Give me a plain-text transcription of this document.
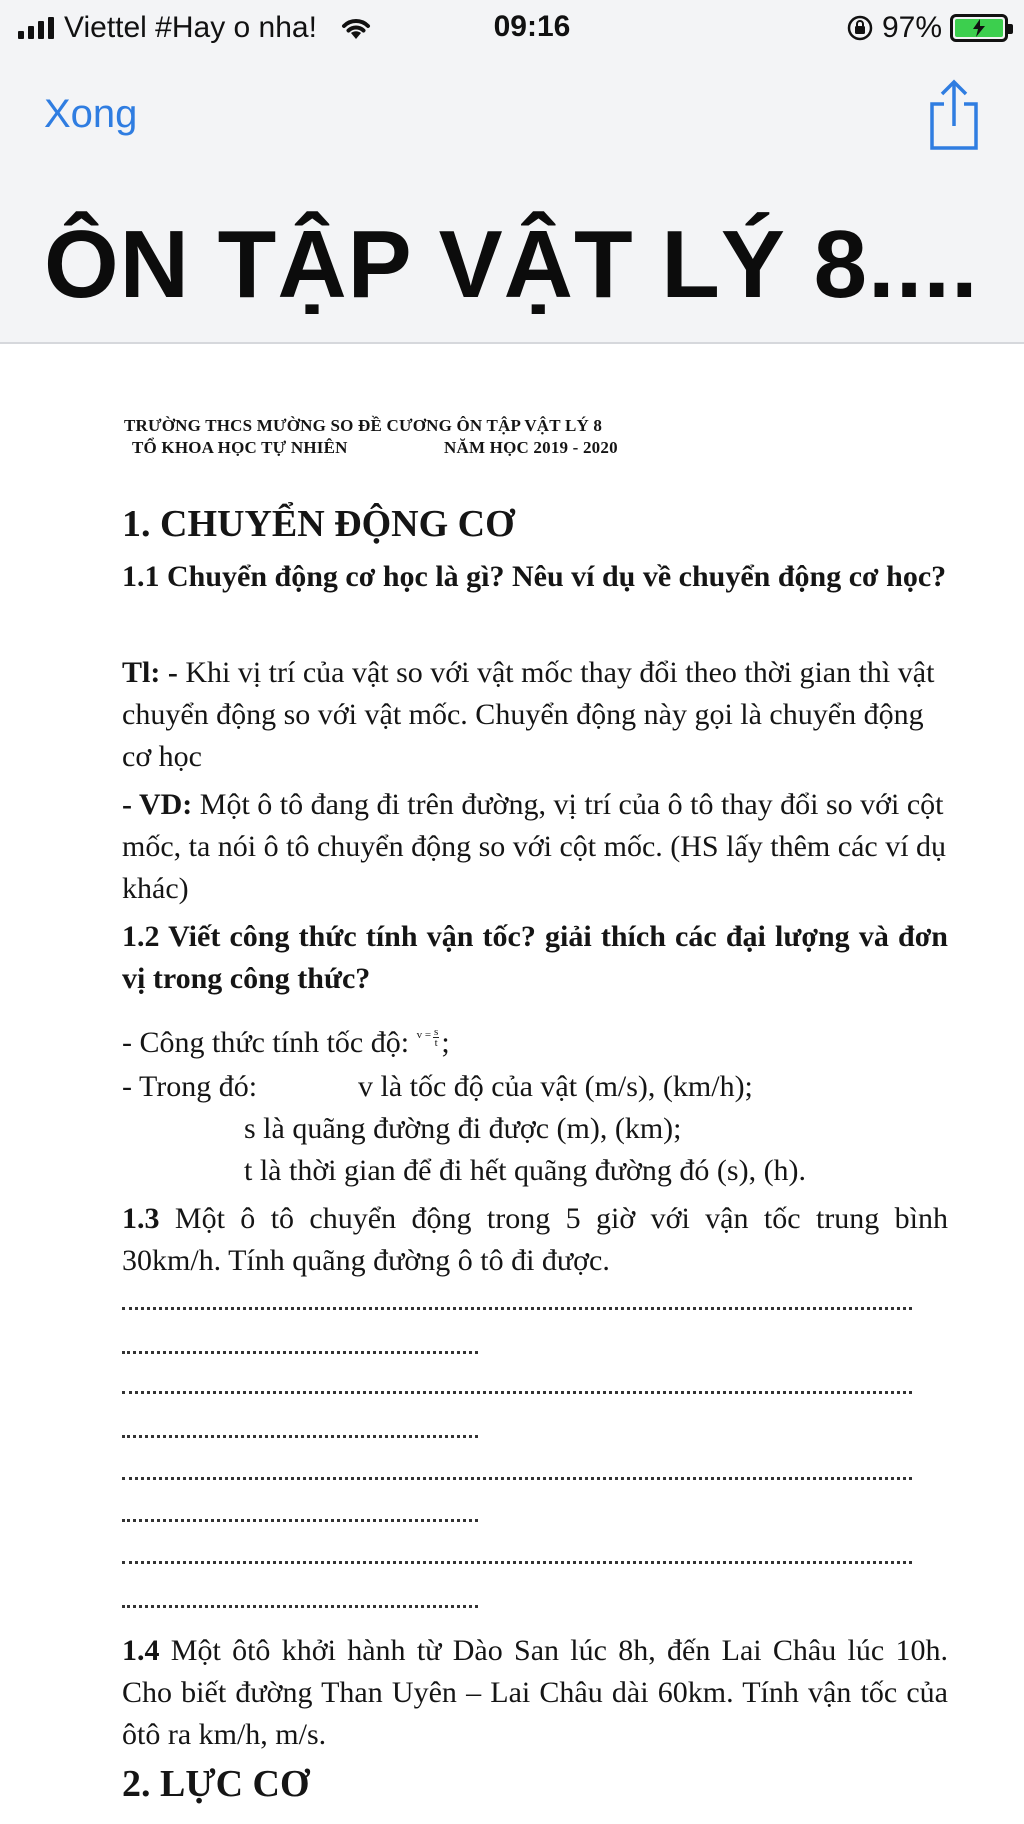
Viettel #Hay o nha!	09:16	97%
Xong
ÔN TẬP VẬT LÝ 8....
TRƯỜNG THCS MƯỜNG SO ĐỀ CƯƠNG ÔN TẬP VẬT LÝ 8
TỔ KHOA HỌC TỰ NHIÊN	NĂM HỌC 2019 - 2020
1. CHUYỂN ĐỘNG CƠ
1.1 Chuyển động cơ học là gì? Nêu ví dụ về chuyển động cơ học?
Tl: - Khi vị trí của vật so với vật mốc thay đổi theo thời gian thì vật chuyển động so với vật mốc. Chuyển động này gọi là chuyển động cơ học
- VD: Một ô tô đang đi trên đường, vị trí của ô tô thay đổi so với cột mốc, ta nói ô tô chuyển động so với cột mốc. (HS lấy thêm các ví dụ khác)
1.2 Viết công thức tính vận tốc? giải thích các đại lượng và đơn vị trong công thức?
- Công thức tính tốc độ: $^{v =} \frac{s}{t}$ ;
- Trong đó:	v là tốc độ của vật (m/s), (km/h);
s là quãng đường đi được (m), (km);
t là thời gian để đi hết quãng đường đó (s), (h).
1.3 Một ô tô chuyển động trong 5 giờ với vận tốc trung bình 30km/h. Tính quãng đường ô tô đi được.
1.4 Một ôtô khởi hành từ Dào San lúc 8h, đến Lai Châu lúc 10h. Cho biết đường Than Uyên – Lai Châu dài 60km. Tính vận tốc của ôtô ra km/h, m/s.
2. LỰC CƠ
